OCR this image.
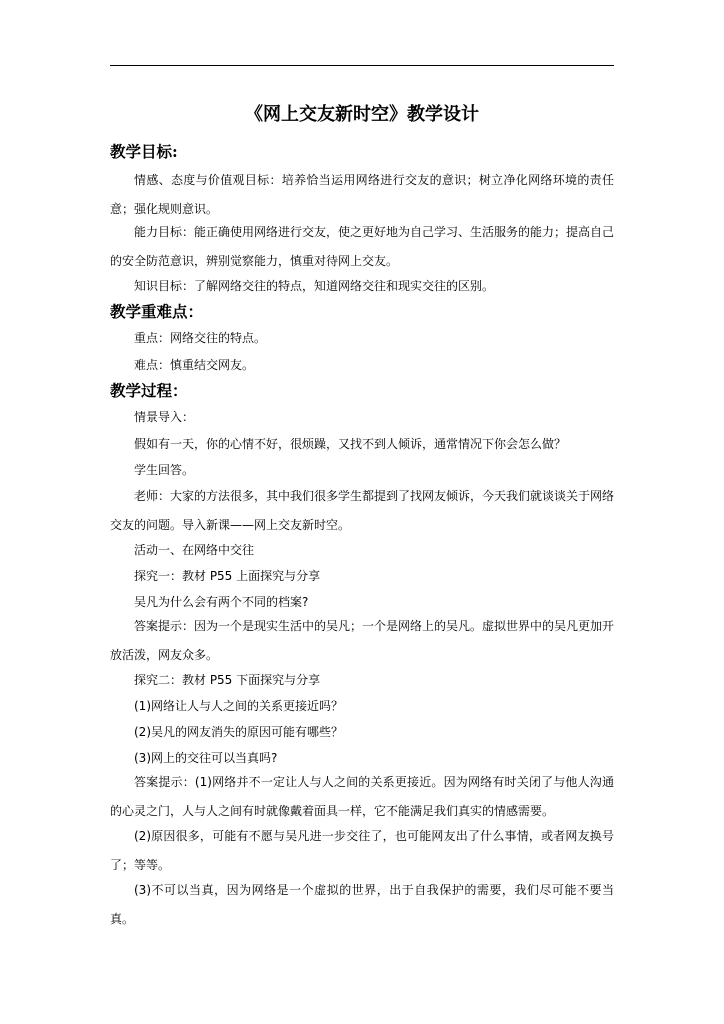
《网上交友新时空》教学设计
教学目标:
情感、态度与价值观目标：培养恰当运用网络进行交友的意识；树立净化网络环境的责任意；强化规则意识。
能力目标：能正确使用网络进行交友，使之更好地为自己学习、生活服务的能力；提高自己的安全防范意识，辨别觉察能力，慎重对待网上交友。
知识目标：了解网络交往的特点，知道网络交往和现实交往的区别。
教学重难点：
重点：网络交往的特点。
难点：慎重结交网友。
教学过程：
情景导入：
假如有一天，你的心情不好，很烦躁，又找不到人倾诉，通常情况下你会怎么做？
学生回答。
老师：大家的方法很多，其中我们很多学生都提到了找网友倾诉，今天我们就谈谈关于网络交友的问题。导入新课——网上交友新时空。
活动一、在网络中交往
探究一：教材 P55 上面探究与分享
吴凡为什么会有两个不同的档案?
答案提示：因为一个是现实生活中的吴凡；一个是网络上的吴凡。虚拟世界中的吴凡更加开放活泼，网友众多。
探究二：教材 P55 下面探究与分享
(1)网络让人与人之间的关系更接近吗？
(2)吴凡的网友消失的原因可能有哪些？
(3)网上的交往可以当真吗?
答案提示：(1)网络并不一定让人与人之间的关系更接近。因为网络有时关闭了与他人沟通的心灵之门，人与人之间有时就像戴着面具一样，它不能满足我们真实的情感需要。
(2)原因很多，可能有不愿与吴凡进一步交往了，也可能网友出了什么事情，或者网友换号了；等等。
(3)不可以当真，因为网络是一个虚拟的世界，出于自我保护的需要，我们尽可能不要当真。
